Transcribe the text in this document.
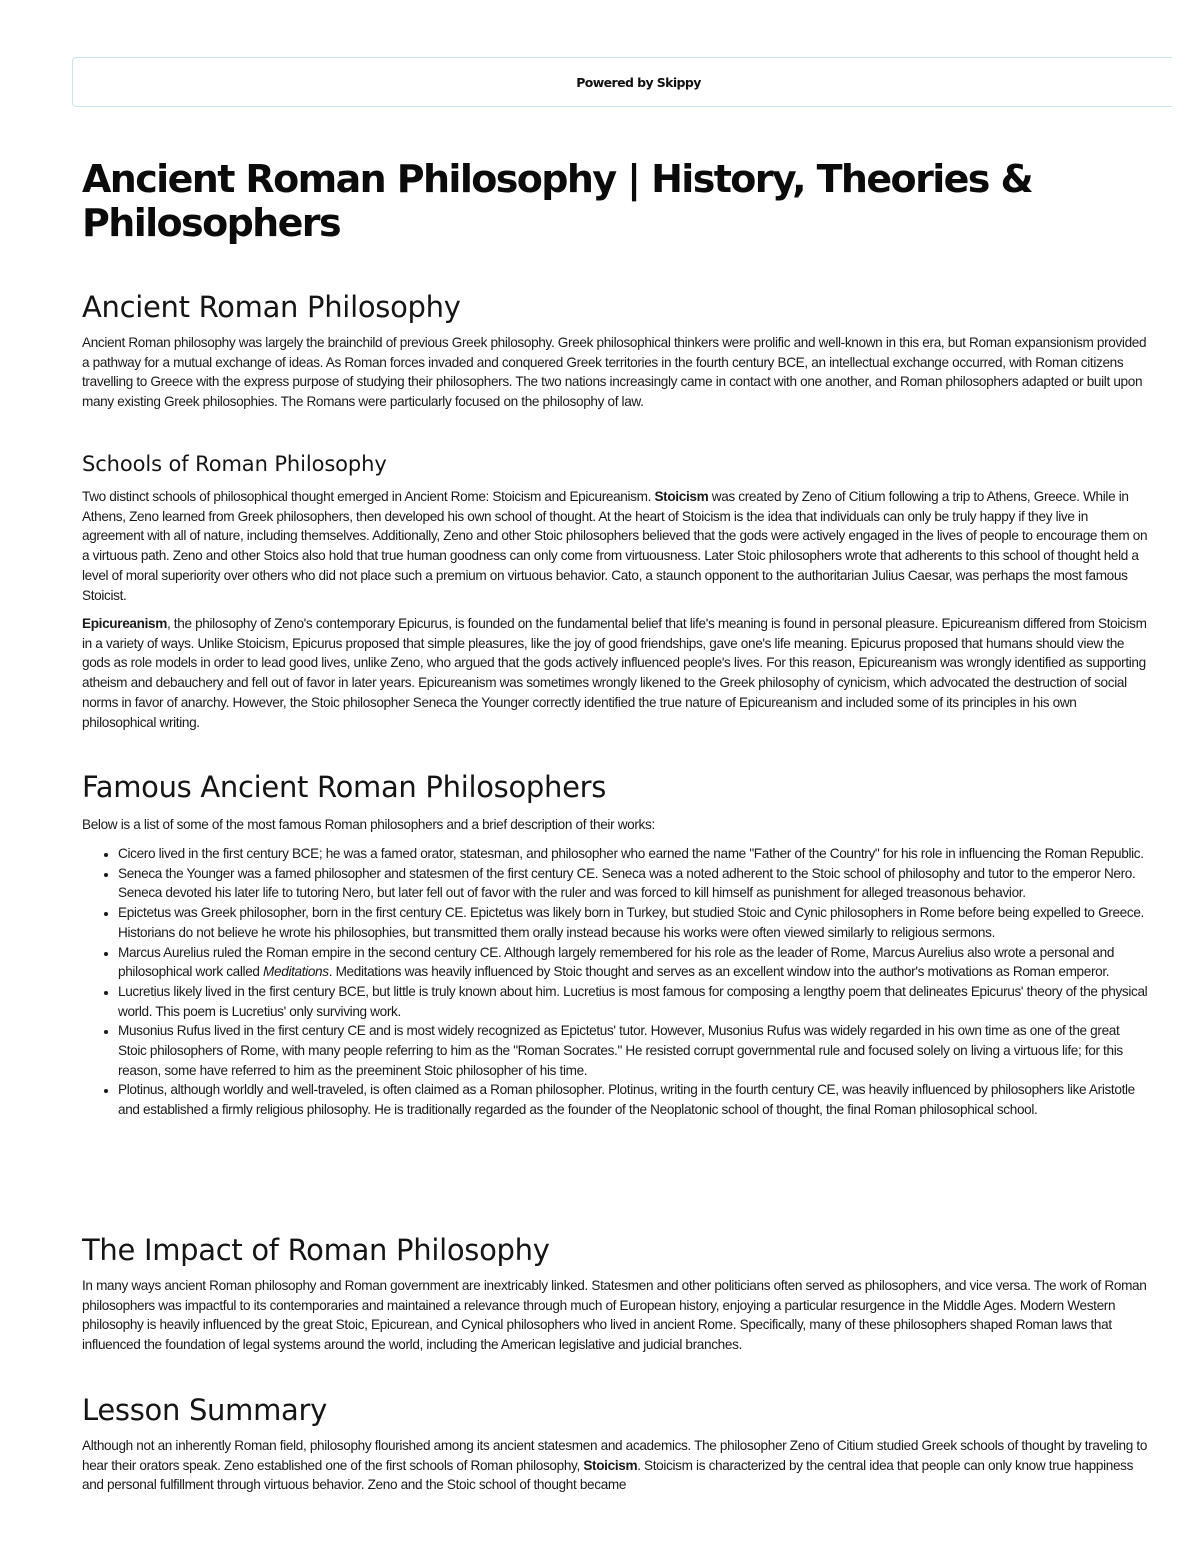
Powered by Skippy
Ancient Roman Philosophy | History, Theories & Philosophers
Ancient Roman Philosophy

Ancient Roman philosophy was largely the brainchild of previous Greek philosophy. Greek philosophical thinkers were prolific and well-known in this era, but Roman expansionism provided a pathway for a mutual exchange of ideas. As Roman forces invaded and conquered Greek territories in the fourth century BCE, an intellectual exchange occurred, with Roman citizens travelling to Greece with the express purpose of studying their philosophers. The two nations increasingly came in contact with one another, and Roman philosophers adapted or built upon many existing Greek philosophies. The Romans were particularly focused on the philosophy of law.

Schools of Roman Philosophy

Two distinct schools of philosophical thought emerged in Ancient Rome: Stoicism and Epicureanism. Stoicism was created by Zeno of Citium following a trip to Athens, Greece. While in Athens, Zeno learned from Greek philosophers, then developed his own school of thought. At the heart of Stoicism is the idea that individuals can only be truly happy if they live in agreement with all of nature, including themselves. Additionally, Zeno and other Stoic philosophers believed that the gods were actively engaged in the lives of people to encourage them on a virtuous path. Zeno and other Stoics also hold that true human goodness can only come from virtuousness. Later Stoic philosophers wrote that adherents to this school of thought held a level of moral superiority over others who did not place such a premium on virtuous behavior. Cato, a staunch opponent to the authoritarian Julius Caesar, was perhaps the most famous Stoicist.

Epicureanism, the philosophy of Zeno's contemporary Epicurus, is founded on the fundamental belief that life's meaning is found in personal pleasure. Epicureanism differed from Stoicism in a variety of ways. Unlike Stoicism, Epicurus proposed that simple pleasures, like the joy of good friendships, gave one's life meaning. Epicurus proposed that humans should view the gods as role models in order to lead good lives, unlike Zeno, who argued that the gods actively influenced people's lives. For this reason, Epicureanism was wrongly identified as supporting atheism and debauchery and fell out of favor in later years. Epicureanism was sometimes wrongly likened to the Greek philosophy of cynicism, which advocated the destruction of social norms in favor of anarchy. However, the Stoic philosopher Seneca the Younger correctly identified the true nature of Epicureanism and included some of its principles in his own philosophical writing.

Famous Ancient Roman Philosophers

Below is a list of some of the most famous Roman philosophers and a brief description of their works:

• Cicero lived in the first century BCE; he was a famed orator, statesman, and philosopher who earned the name "Father of the Country" for his role in influencing the Roman Republic.
• Seneca the Younger was a famed philosopher and statesmen of the first century CE. Seneca was a noted adherent to the Stoic school of philosophy and tutor to the emperor Nero. Seneca devoted his later life to tutoring Nero, but later fell out of favor with the ruler and was forced to kill himself as punishment for alleged treasonous behavior.
• Epictetus was Greek philosopher, born in the first century CE. Epictetus was likely born in Turkey, but studied Stoic and Cynic philosophers in Rome before being expelled to Greece. Historians do not believe he wrote his philosophies, but transmitted them orally instead because his works were often viewed similarly to religious sermons.
• Marcus Aurelius ruled the Roman empire in the second century CE. Although largely remembered for his role as the leader of Rome, Marcus Aurelius also wrote a personal and philosophical work called Meditations. Meditations was heavily influenced by Stoic thought and serves as an excellent window into the author's motivations as Roman emperor.
• Lucretius likely lived in the first century BCE, but little is truly known about him. Lucretius is most famous for composing a lengthy poem that delineates Epicurus' theory of the physical world. This poem is Lucretius' only surviving work.
• Musonius Rufus lived in the first century CE and is most widely recognized as Epictetus' tutor. However, Musonius Rufus was widely regarded in his own time as one of the great Stoic philosophers of Rome, with many people referring to him as the "Roman Socrates." He resisted corrupt governmental rule and focused solely on living a virtuous life; for this reason, some have referred to him as the preeminent Stoic philosopher of his time.
• Plotinus, although worldly and well-traveled, is often claimed as a Roman philosopher. Plotinus, writing in the fourth century CE, was heavily influenced by philosophers like Aristotle and established a firmly religious philosophy. He is traditionally regarded as the founder of the Neoplatonic school of thought, the final Roman philosophical school.
The Impact of Roman Philosophy

In many ways ancient Roman philosophy and Roman government are inextricably linked. Statesmen and other politicians often served as philosophers, and vice versa. The work of Roman philosophers was impactful to its contemporaries and maintained a relevance through much of European history, enjoying a particular resurgence in the Middle Ages. Modern Western philosophy is heavily influenced by the great Stoic, Epicurean, and Cynical philosophers who lived in ancient Rome. Specifically, many of these philosophers shaped Roman laws that influenced the foundation of legal systems around the world, including the American legislative and judicial branches.

Lesson Summary

Although not an inherently Roman field, philosophy flourished among its ancient statesmen and academics. The philosopher Zeno of Citium studied Greek schools of thought by traveling to hear their orators speak. Zeno established one of the first schools of Roman philosophy, Stoicism. Stoicism is characterized by the central idea that people can only know true happiness and personal fulfillment through virtuous behavior. Zeno and the Stoic school of thought became
